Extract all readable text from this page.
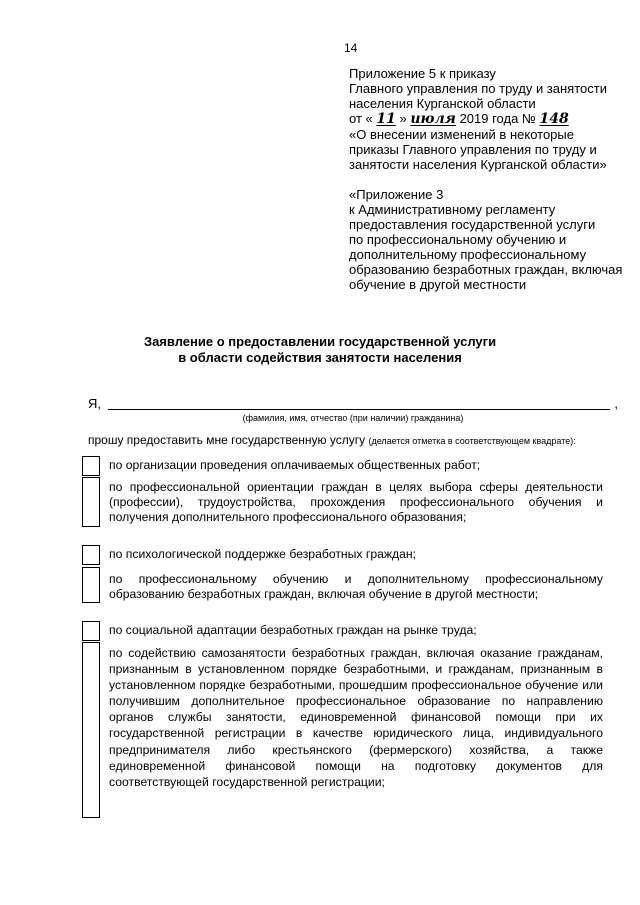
14
Приложение 5 к приказу
Главного управления по труду и занятости
населения Курганской области
от « 11 » июля 2019 года № 148
«О внесении изменений в некоторые
приказы Главного управления по труду и
занятости населения Курганской области»
«Приложение 3
к Административному регламенту
предоставления государственной услуги
по профессиональному обучению и
дополнительному профессиональному
образованию безработных граждан, включая
обучение в другой местности
Заявление о предоставлении государственной услуги
в области содействия занятости населения
Я,	,
(фамилия, имя, отчество (при наличии) гражданина)
прошу предоставить мне государственную услугу (делается отметка в соответствующем квадрате):
по организации проведения оплачиваемых общественных работ;
по профессиональной ориентации граждан в целях выбора сферы деятельности (профессии), трудоустройства, прохождения профессионального обучения и получения дополнительного профессионального образования;
по психологической поддержке безработных граждан;
по профессиональному обучению и дополнительному профессиональному образованию безработных граждан, включая обучение в другой местности;
по социальной адаптации безработных граждан на рынке труда;
по содействию самозанятости безработных граждан, включая оказание гражданам, признанным в установленном порядке безработными, и гражданам, признанным в установленном порядке безработными, прошедшим профессиональное обучение или получившим дополнительное профессиональное образование по направлению органов службы занятости, единовременной финансовой помощи при их государственной регистрации в качестве юридического лица, индивидуального предпринимателя либо крестьянского (фермерского) хозяйства, а также единовременной финансовой помощи на подготовку документов для соответствующей государственной регистрации;
